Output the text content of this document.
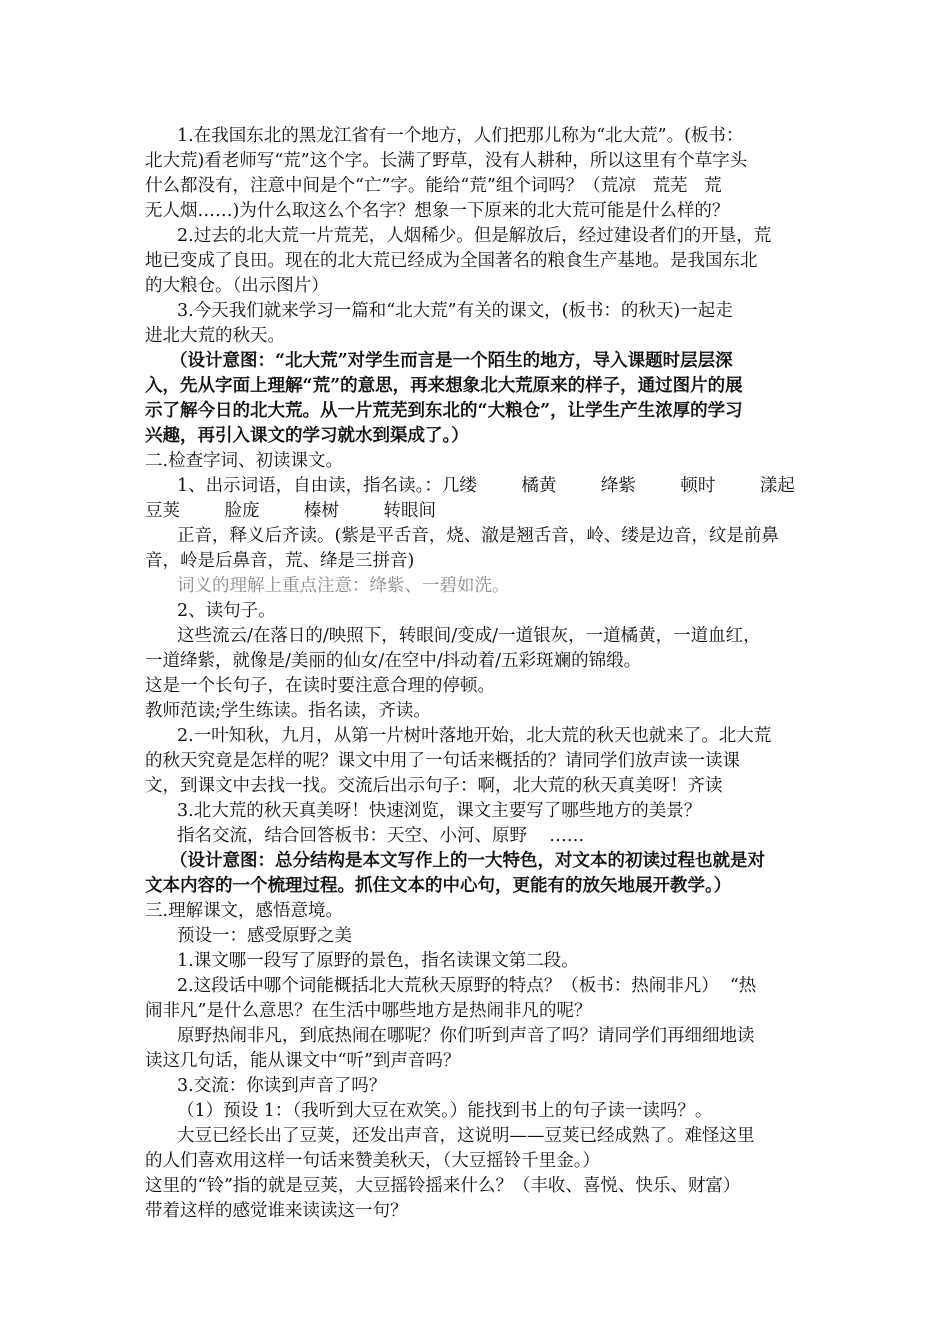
1.在我国东北的黑龙江省有一个地方，人们把那儿称为“北大荒”。(板书：
北大荒)看老师写“荒”这个字。长满了野草，没有人耕种，所以这里有个草字头
什么都没有，注意中间是个“亡”字。能给“荒”组个词吗？（荒凉   荒芜   荒
无人烟……)为什么取这么个名字？想象一下原来的北大荒可能是什么样的？
2.过去的北大荒一片荒芜，人烟稀少。但是解放后，经过建设者们的开垦，荒
地已变成了良田。现在的北大荒已经成为全国著名的粮食生产基地。是我国东北
的大粮仓。（出示图片）
3.今天我们就来学习一篇和“北大荒”有关的课文，(板书：的秋天)一起走
进北大荒的秋天。
（设计意图：“北大荒”对学生而言是一个陌生的地方，导入课题时层层深
入，先从字面上理解“荒”的意思，再来想象北大荒原来的样子，通过图片的展
示了解今日的北大荒。从一片荒芜到东北的“大粮仓”，让学生产生浓厚的学习
兴趣，再引入课文的学习就水到渠成了。）
二.检查字词、初读课文。
1、出示词语，自由读，指名读。：几缕        橘黄        绛紫        顿时        漾起
豆荚        脸庞        榛树        转眼间
正音，释义后齐读。(紫是平舌音，烧、澈是翘舌音，岭、缕是边音，纹是前鼻
音，岭是后鼻音，荒、绛是三拼音)
词义的理解上重点注意：绛紫、一碧如洗。
2、读句子。
这些流云/在落日的/映照下，转眼间/变成/一道银灰，一道橘黄，一道血红，
一道绛紫，就像是/美丽的仙女/在空中/抖动着/五彩斑斓的锦缎。
这是一个长句子，在读时要注意合理的停顿。
教师范读;学生练读。指名读，齐读。
2.一叶知秋，九月，从第一片树叶落地开始，北大荒的秋天也就来了。北大荒
的秋天究竟是怎样的呢？课文中用了一句话来概括的？请同学们放声读一读课
文，到课文中去找一找。交流后出示句子：啊，北大荒的秋天真美呀！齐读
3.北大荒的秋天真美呀！快速浏览，课文主要写了哪些地方的美景？
指名交流，结合回答板书：天空、小河、原野    ……
（设计意图：总分结构是本文写作上的一大特色，对文本的初读过程也就是对
文本内容的一个梳理过程。抓住文本的中心句，更能有的放矢地展开教学。）
三.理解课文，感悟意境。
预设一：感受原野之美
1.课文哪一段写了原野的景色，指名读课文第二段。
2.这段话中哪个词能概括北大荒秋天原野的特点？（板书：热闹非凡）  “热
闹非凡”是什么意思？在生活中哪些地方是热闹非凡的呢？
原野热闹非凡，到底热闹在哪呢？你们听到声音了吗？请同学们再细细地读
读这几句话，能从课文中“听”到声音吗？
3.交流：你读到声音了吗？
（1）预设 1：（我听到大豆在欢笑。）能找到书上的句子读一读吗？。
大豆已经长出了豆荚，还发出声音，这说明——豆荚已经成熟了。难怪这里
的人们喜欢用这样一句话来赞美秋天，（大豆摇铃千里金。）
这里的“铃”指的就是豆荚，大豆摇铃摇来什么？（丰收、喜悦、快乐、财富）
带着这样的感觉谁来读读这一句？
